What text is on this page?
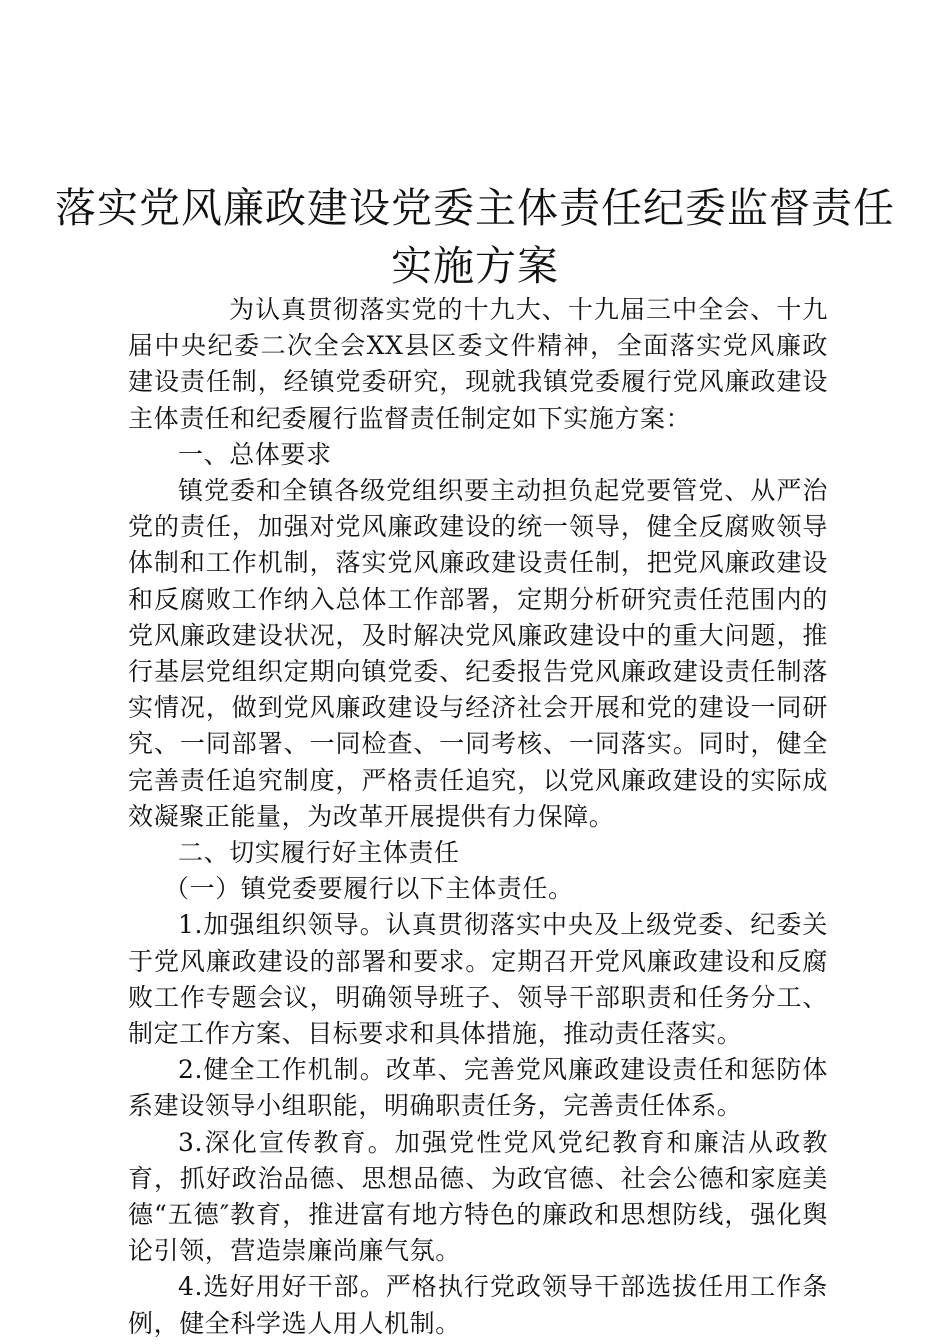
落实党风廉政建设党委主体责任纪委监督责任
实施方案

为认真贯彻落实党的十九大、十九届三中全会、十九届中央纪委二次全会XX县区委文件精神，全面落实党风廉政建设责任制，经镇党委研究，现就我镇党委履行党风廉政建设主体责任和纪委履行监督责任制定如下实施方案：

一、总体要求

镇党委和全镇各级党组织要主动担负起党要管党、从严治党的责任，加强对党风廉政建设的统一领导，健全反腐败领导体制和工作机制，落实党风廉政建设责任制，把党风廉政建设和反腐败工作纳入总体工作部署，定期分析研究责任范围内的党风廉政建设状况，及时解决党风廉政建设中的重大问题，推行基层党组织定期向镇党委、纪委报告党风廉政建设责任制落实情况，做到党风廉政建设与经济社会开展和党的建设一同研究、一同部署、一同检查、一同考核、一同落实。同时，健全完善责任追究制度，严格责任追究，以党风廉政建设的实际成效凝聚正能量，为改革开展提供有力保障。

二、切实履行好主体责任

（一）镇党委要履行以下主体责任。

1.加强组织领导。认真贯彻落实中央及上级党委、纪委关于党风廉政建设的部署和要求。定期召开党风廉政建设和反腐败工作专题会议，明确领导班子、领导干部职责和任务分工、制定工作方案、目标要求和具体措施，推动责任落实。

2.健全工作机制。改革、完善党风廉政建设责任和惩防体系建设领导小组职能，明确职责任务，完善责任体系。

3.深化宣传教育。加强党性党风党纪教育和廉洁从政教育，抓好政治品德、思想品德、为政官德、社会公德和家庭美德“五德″教育，推进富有地方特色的廉政和思想防线，强化舆论引领，营造崇廉尚廉气氛。

4.选好用好干部。严格执行党政领导干部选拔任用工作条例，健全科学选人用人机制。
